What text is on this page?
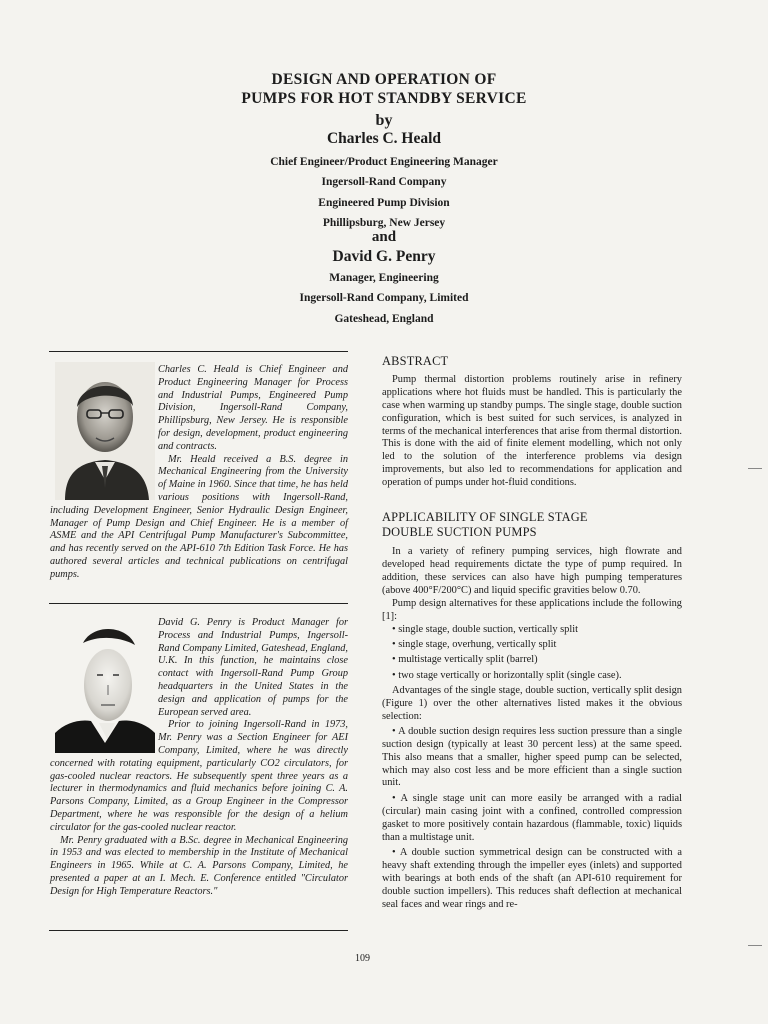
DESIGN AND OPERATION OF
PUMPS FOR HOT STANDBY SERVICE
by
Charles C. Heald
Chief Engineer/Product Engineering Manager
Ingersoll-Rand Company
Engineered Pump Division
Phillipsburg, New Jersey
and
David G. Penry
Manager, Engineering
Ingersoll-Rand Company, Limited
Gateshead, England

Charles C. Heald is Chief Engineer and Product Engineering Manager for Process and Industrial Pumps, Engineered Pump Division, Ingersoll-Rand Company, Phillipsburg, New Jersey. He is responsible for design, development, product engineering and contracts.

Mr. Heald received a B.S. degree in Mechanical Engineering from the University of Maine in 1960. Since that time, he has held various positions with Ingersoll-Rand, including Development Engineer, Senior Hydraulic Design Engineer, Manager of Pump Design and Chief Engineer. He is a member of ASME and the API Centrifugal Pump Manufacturer's Subcommittee, and has recently served on the API-610 7th Edition Task Force. He has authored several articles and technical publications on centrifugal pumps.

David G. Penry is Product Manager for Process and Industrial Pumps, Ingersoll-Rand Company Limited, Gateshead, England, U.K. In this function, he maintains close contact with Ingersoll-Rand Pump Group headquarters in the United States in the design and application of pumps for the European served area.

Prior to joining Ingersoll-Rand in 1973, Mr. Penry was a Section Engineer for AEI Company, Limited, where he was directly concerned with rotating equipment, particularly CO2 circulators, for gas-cooled nuclear reactors. He subsequently spent three years as a lecturer in thermodynamics and fluid mechanics before joining C. A. Parsons Company, Limited, as a Group Engineer in the Compressor Department, where he was responsible for the design of a helium circulator for the gas-cooled nuclear reactor.

Mr. Penry graduated with a B.Sc. degree in Mechanical Engineering in 1953 and was elected to membership in the Institute of Mechanical Engineers in 1965. While at C. A. Parsons Company, Limited, he presented a paper at an I. Mech. E. Conference entitled "Circulator Design for High Temperature Reactors."

ABSTRACT

Pump thermal distortion problems routinely arise in refinery applications where hot fluids must be handled. This is particularly the case when warming up standby pumps. The single stage, double suction configuration, which is best suited for such services, is analyzed in terms of the mechanical interferences that arise from thermal distortion. This is done with the aid of finite element modelling, which not only led to the solution of the interference problems via design improvements, but also led to recommendations for application and operation of pumps under hot-fluid conditions.

APPLICABILITY OF SINGLE STAGE
DOUBLE SUCTION PUMPS

In a variety of refinery pumping services, high flowrate and developed head requirements dictate the type of pump required. In addition, these services can also have high pumping temperatures (above 400°F/200°C) and liquid specific gravities below 0.70.

Pump design alternatives for these applications include the following [1]:

• single stage, double suction, vertically split
• single stage, overhung, vertically split
• multistage vertically split (barrel)
• two stage vertically or horizontally split (single case).

Advantages of the single stage, double suction, vertically split design (Figure 1) over the other alternatives listed makes it the obvious selection:

• A double suction design requires less suction pressure than a single suction design (typically at least 30 percent less) at the same speed. This also means that a smaller, higher speed pump can be selected, which may also cost less and be more efficient than a single suction unit.
• A single stage unit can more easily be arranged with a radial (circular) main casing joint with a confined, controlled compression gasket to more positively contain hazardous (flammable, toxic) liquids than a multistage unit.
• A double suction symmetrical design can be constructed with a heavy shaft extending through the impeller eyes (inlets) and supported with bearings at both ends of the shaft (an API-610 requirement for double suction impellers). This reduces shaft deflection at mechanical seal faces and wear rings and re-
109
